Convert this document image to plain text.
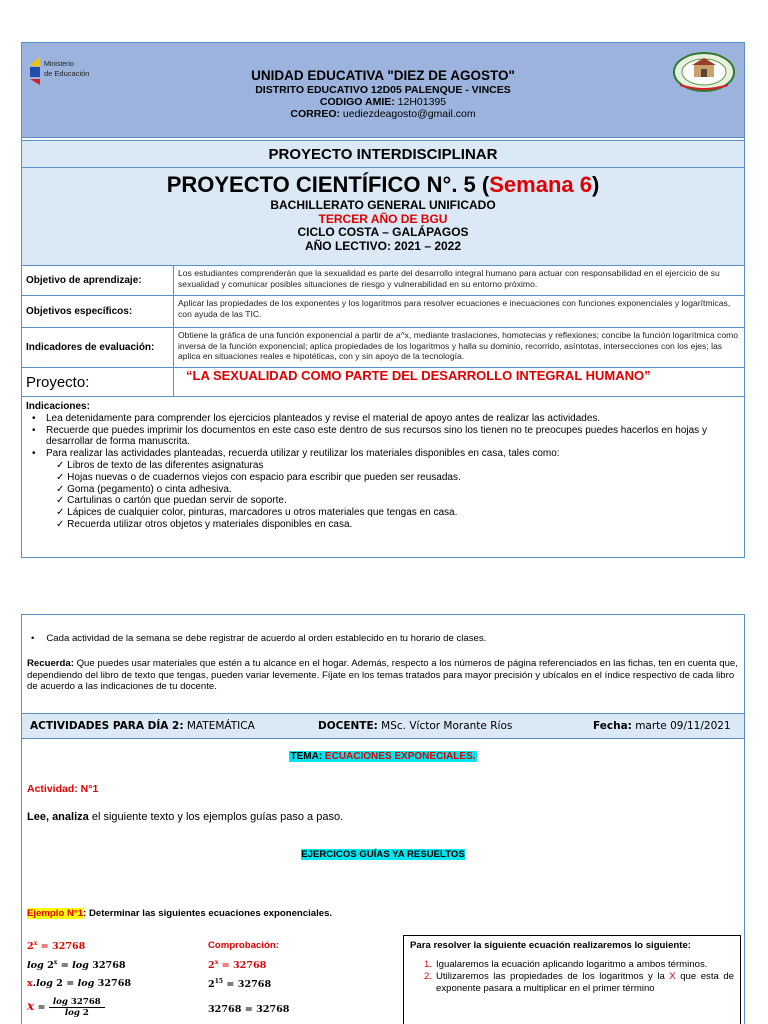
Ministerio
de Educación	UNIDAD EDUCATIVA "DIEZ DE AGOSTO"
DISTRITO EDUCATIVO 12D05 PALENQUE - VINCES
CODIGO AMIE: 12H01395
CORREO: uediezdeagosto@gmail.com
PROYECTO INTERDISCIPLINAR
PROYECTO CIENTÍFICO N°. 5 (Semana 6)
BACHILLERATO GENERAL UNIFICADO
TERCER AÑO DE BGU
CICLO COSTA – GALÁPAGOS
AÑO LECTIVO: 2021 – 2022
Objetivo de aprendizaje:
Los estudiantes comprenderán que la sexualidad es parte del desarrollo integral humano para actuar con responsabilidad en el ejercicio de su sexualidad y comunicar posibles situaciones de riesgo y vulnerabilidad en su entorno próximo.
Objetivos específicos:
Aplicar las propiedades de los exponentes y los logaritmos para resolver ecuaciones e inecuaciones con funciones exponenciales y logarítmicas, con ayuda de las TIC.
Indicadores de evaluación:
Obtiene la gráfica de una función exponencial a partir de a^x, mediante traslaciones, homotecias y reflexiones; concibe la función logarítmica como inversa de la función exponencial; aplica propiedades de los logaritmos y halla su dominio, recorrido, asíntotas, intersecciones con los ejes; las aplica en situaciones reales e hipotéticas, con y sin apoyo de la tecnología.
Proyecto:	“LA SEXUALIDAD COMO PARTE DEL DESARROLLO INTEGRAL HUMANO”
Indicaciones:
• Lea detenidamente para comprender los ejercicios planteados y revise el material de apoyo antes de realizar las actividades.
• Recuerde que puedes imprimir los documentos en este caso este dentro de sus recursos sino los tienen no te preocupes puedes hacerlos en hojas y desarrollar de forma manuscrita.
• Para realizar las actividades planteadas, recuerda utilizar y reutilizar los materiales disponibles en casa, tales como:
✓ Libros de texto de las diferentes asignaturas
✓ Hojas nuevas o de cuadernos viejos con espacio para escribir que pueden ser reusadas.
✓ Goma (pegamento) o cinta adhesiva.
✓ Cartulinas o cartón que puedan servir de soporte.
✓ Lápices de cualquier color, pinturas, marcadores u otros materiales que tengas en casa.
✓ Recuerda utilizar otros objetos y materiales disponibles en casa.
• Cada actividad de la semana se debe registrar de acuerdo al orden establecido en tu horario de clases.
Recuerda: Que puedes usar materiales que estén a tu alcance en el hogar. Además, respecto a los números de página referenciados en las fichas, ten en cuenta que, dependiendo del libro de texto que tengas, pueden variar levemente. Fíjate en los temas tratados para mayor precisión y ubícalos en el índice respectivo de cada libro de acuerdo a las indicaciones de tu docente.
ACTIVIDADES PARA DÍA 2: MATEMÁTICA	DOCENTE: MSc. Víctor Morante Ríos	Fecha: marte 09/11/2021
TEMA: ECUACIONES EXPONECIALES.
Actividad: N°1
Lee, analiza el siguiente texto y los ejemplos guías paso a paso.
EJERCICOS GUÍAS YA RESUELTOS
Ejemplo N°1: Determinar las siguientes ecuaciones exponenciales.
$2^x = 32768$
$\log 2^x = \log 32768$
x.log 2 = log 32768
$x = \frac{\log 32768}{\log 2}$
Comprobación:
$2^x = 32768$
$2^{15} = 32768$
32768 = 32768
Para resolver la siguiente ecuación realizaremos lo siguiente:
1. Igualaremos la ecuación aplicando logaritmo a ambos términos.
2. Utilizaremos las propiedades de los logaritmos y la X que esta de exponente pasara a multiplicar en el primer término
